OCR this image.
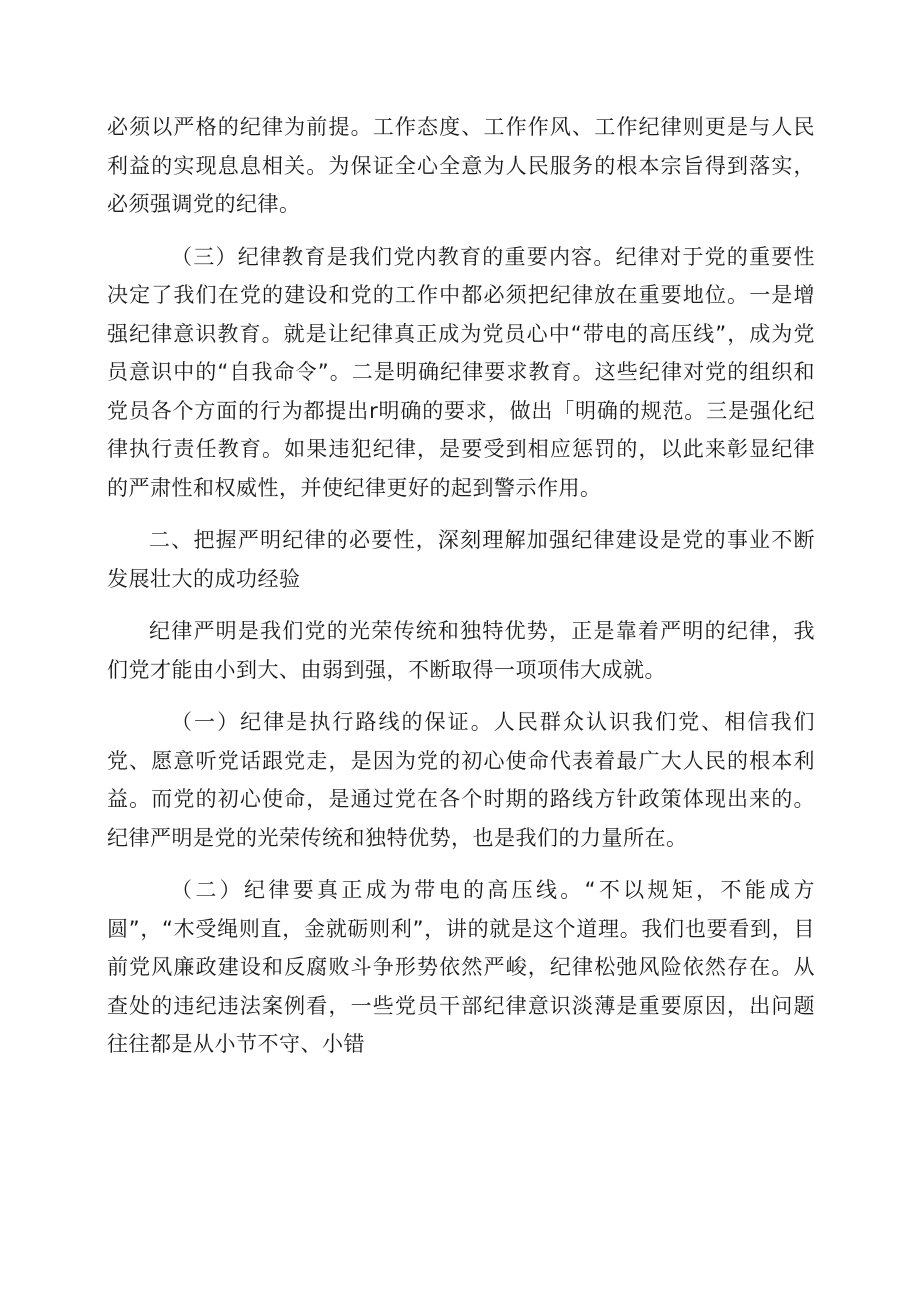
必须以严格的纪律为前提。工作态度、工作作风、工作纪律则更是与人民利益的实现息息相关。为保证全心全意为人民服务的根本宗旨得到落实，必须强调党的纪律。

（三）纪律教育是我们党内教育的重要内容。纪律对于党的重要性决定了我们在党的建设和党的工作中都必须把纪律放在重要地位。一是增强纪律意识教育。就是让纪律真正成为党员心中“带电的高压线”，成为党员意识中的“自我命令”。二是明确纪律要求教育。这些纪律对党的组织和党员各个方面的行为都提出r明确的要求，做出「明确的规范。三是强化纪律执行责任教育。如果违犯纪律，是要受到相应惩罚的，以此来彰显纪律的严肃性和权威性，并使纪律更好的起到警示作用。

二、把握严明纪律的必要性，深刻理解加强纪律建设是党的事业不断发展壮大的成功经验

纪律严明是我们党的光荣传统和独特优势，正是靠着严明的纪律，我们党才能由小到大、由弱到强，不断取得一项项伟大成就。

（一）纪律是执行路线的保证。人民群众认识我们党、相信我们党、愿意听党话跟党走，是因为党的初心使命代表着最广大人民的根本利益。而党的初心使命，是通过党在各个时期的路线方针政策体现出来的。纪律严明是党的光荣传统和独特优势，也是我们的力量所在。

（二）纪律要真正成为带电的高压线。“不以规矩，不能成方圆”，“木受绳则直，金就砺则利”，讲的就是这个道理。我们也要看到，目前党风廉政建设和反腐败斗争形势依然严峻，纪律松弛风险依然存在。从查处的违纪违法案例看，一些党员干部纪律意识淡薄是重要原因，出问题往往都是从小节不守、小错
